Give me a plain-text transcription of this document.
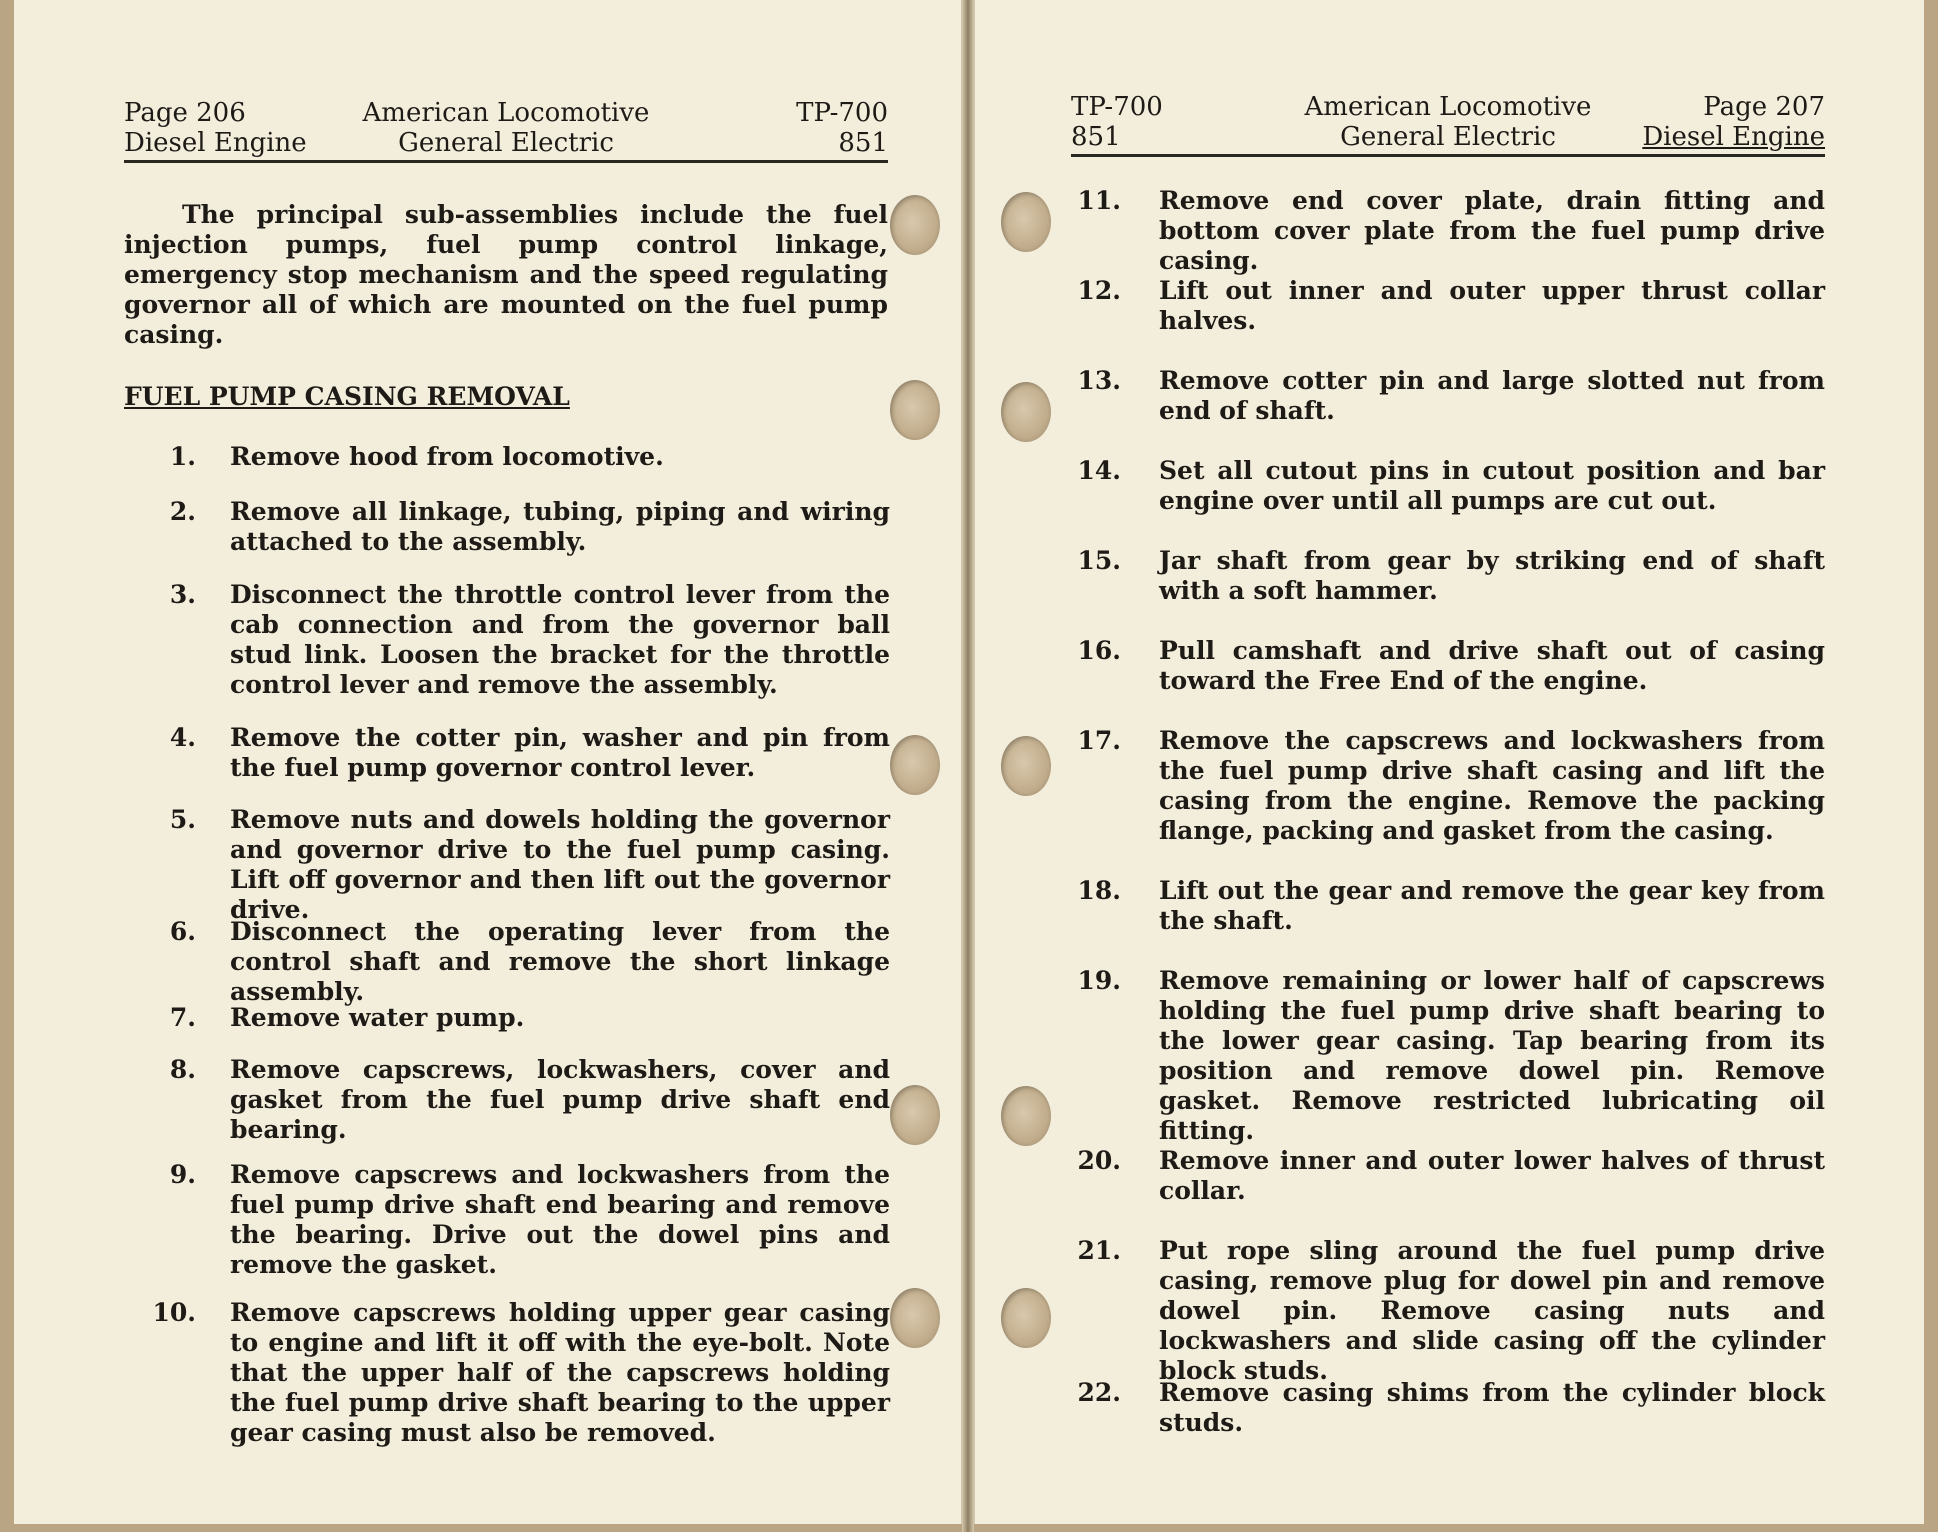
Page 206
Diesel Engine
American Locomotive
General Electric
TP-700
851
The principal sub-assemblies include the fuel injection pumps, fuel pump control linkage, emergency stop mechanism and the speed regulating governor all of which are mounted on the fuel pump casing.
FUEL PUMP CASING REMOVAL
1. Remove hood from locomotive.
2. Remove all linkage, tubing, piping and wiring attached to the assembly.
3. Disconnect the throttle control lever from the cab connection and from the governor ball stud link. Loosen the bracket for the throttle control lever and remove the assembly.
4. Remove the cotter pin, washer and pin from the fuel pump governor control lever.
5. Remove nuts and dowels holding the governor and governor drive to the fuel pump casing. Lift off governor and then lift out the governor drive.
6. Disconnect the operating lever from the control shaft and remove the short linkage assembly.
7. Remove water pump.
8. Remove capscrews, lockwashers, cover and gasket from the fuel pump drive shaft end bearing.
9. Remove capscrews and lockwashers from the fuel pump drive shaft end bearing and remove the bearing. Drive out the dowel pins and remove the gasket.
10. Remove capscrews holding upper gear casing to engine and lift it off with the eye-bolt. Note that the upper half of the capscrews holding the fuel pump drive shaft bearing to the upper gear casing must also be removed.
TP-700
851
American Locomotive
General Electric
Page 207
Diesel Engine
11. Remove end cover plate, drain fitting and bottom cover plate from the fuel pump drive casing.
12. Lift out inner and outer upper thrust collar halves.
13. Remove cotter pin and large slotted nut from end of shaft.
14. Set all cutout pins in cutout position and bar engine over until all pumps are cut out.
15. Jar shaft from gear by striking end of shaft with a soft hammer.
16. Pull camshaft and drive shaft out of casing toward the Free End of the engine.
17. Remove the capscrews and lockwashers from the fuel pump drive shaft casing and lift the casing from the engine. Remove the packing flange, packing and gasket from the casing.
18. Lift out the gear and remove the gear key from the shaft.
19. Remove remaining or lower half of capscrews holding the fuel pump drive shaft bearing to the lower gear casing. Tap bearing from its position and remove dowel pin. Remove gasket. Remove restricted lubricating oil fitting.
20. Remove inner and outer lower halves of thrust collar.
21. Put rope sling around the fuel pump drive casing, remove plug for dowel pin and remove dowel pin. Remove casing nuts and lockwashers and slide casing off the cylinder block studs.
22. Remove casing shims from the cylinder block studs.
